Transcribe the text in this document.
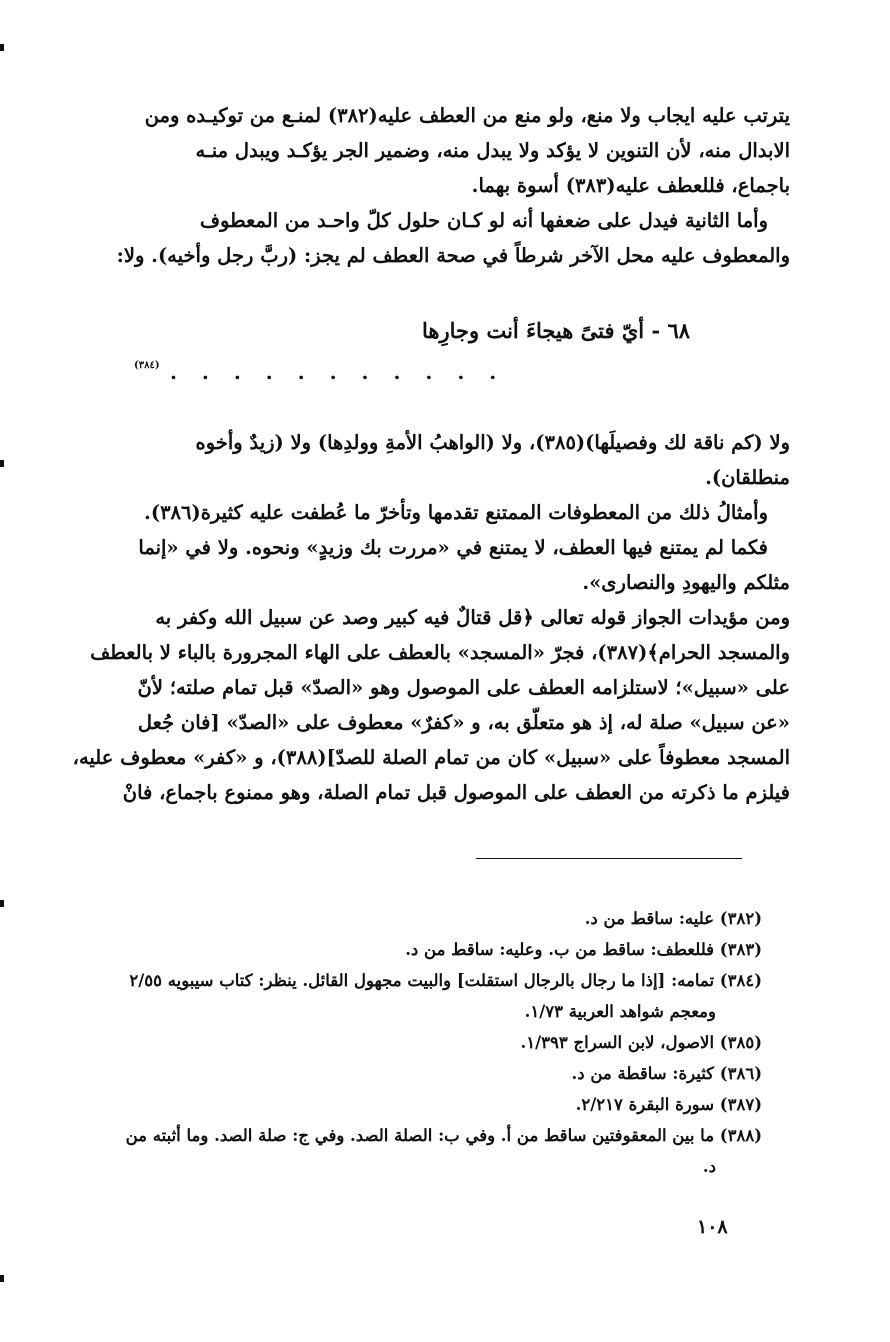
يترتب عليه ايجاب ولا منع، ولو منع من العطف عليه(٣٨٢) لمنـع من توكيـده ومن
الابدال منه، لأن التنوين لا يؤكد ولا يبدل منه، وضمير الجر يؤكـد ويبدل منـه
باجماع، فللعطف عليه(٣٨٣) أسوة بهما.
وأما الثانية فيدل على ضعفها أنه لو كـان حلول كلّ واحـد من المعطوف
والمعطوف عليه محل الآخر شرطاً في صحة العطف لم يجز: (ربَّ رجل وأخيه). ولا:
٦٨ - أيّ فتىً هيجاءَ أنت وجارِها
. . . . . . . . . . .
(٣٨٤)
ولا (كم ناقة لك وفصيلَها)(٣٨٥)، ولا (الواهبُ الأمةِ وولدِها) ولا (زيدٌ وأخوه
منطلقان).
وأمثالُ ذلك من المعطوفات الممتنع تقدمها وتأخرّ ما عُطفت عليه كثيرة(٣٨٦).
فكما لم يمتنع فيها العطف، لا يمتنع في «مررت بك وزيدٍ» ونحوه. ولا في «إنما
مثلكم واليهودِ والنصارى».
ومن مؤيدات الجواز قوله تعالى ﴿قل قتالٌ فيه كبير وصد عن سبيل الله وكفر به
والمسجد الحرام﴾(٣٨٧)، فجرّ «المسجد» بالعطف على الهاء المجرورة بالباء لا بالعطف
على «سبيل»؛ لاستلزامه العطف على الموصول وهو «الصدّ» قبل تمام صلته؛ لأنّ
«عن سبيل» صلة له، إذ هو متعلّق به، و «كفرٌ» معطوف على «الصدّ» [فان جُعل
المسجد معطوفاً على «سبيل» كان من تمام الصلة للصدّ](٣٨٨)، و «كفر» معطوف عليه،
فيلزم ما ذكرته من العطف على الموصول قبل تمام الصلة، وهو ممنوع باجماع، فانْ
(٣٨٢) عليه: ساقط من د.
(٣٨٣) فللعطف: ساقط من ب. وعليه: ساقط من د.
(٣٨٤) تمامه: [إذا ما رجال بالرجال استقلت] والبيت مجهول القائل. ينظر: كتاب سيبويه ٢/٥٥
ومعجم شواهد العربية ١/٧٣.
(٣٨٥) الاصول، لابن السراج ١/٣٩٣.
(٣٨٦) كثيرة: ساقطة من د.
(٣٨٧) سورة البقرة ٢/٢١٧.
(٣٨٨) ما بين المعقوفتين ساقط من أ. وفي ب: الصلة الصد. وفي ج: صلة الصد. وما أثبته من
د.
١٠٨
